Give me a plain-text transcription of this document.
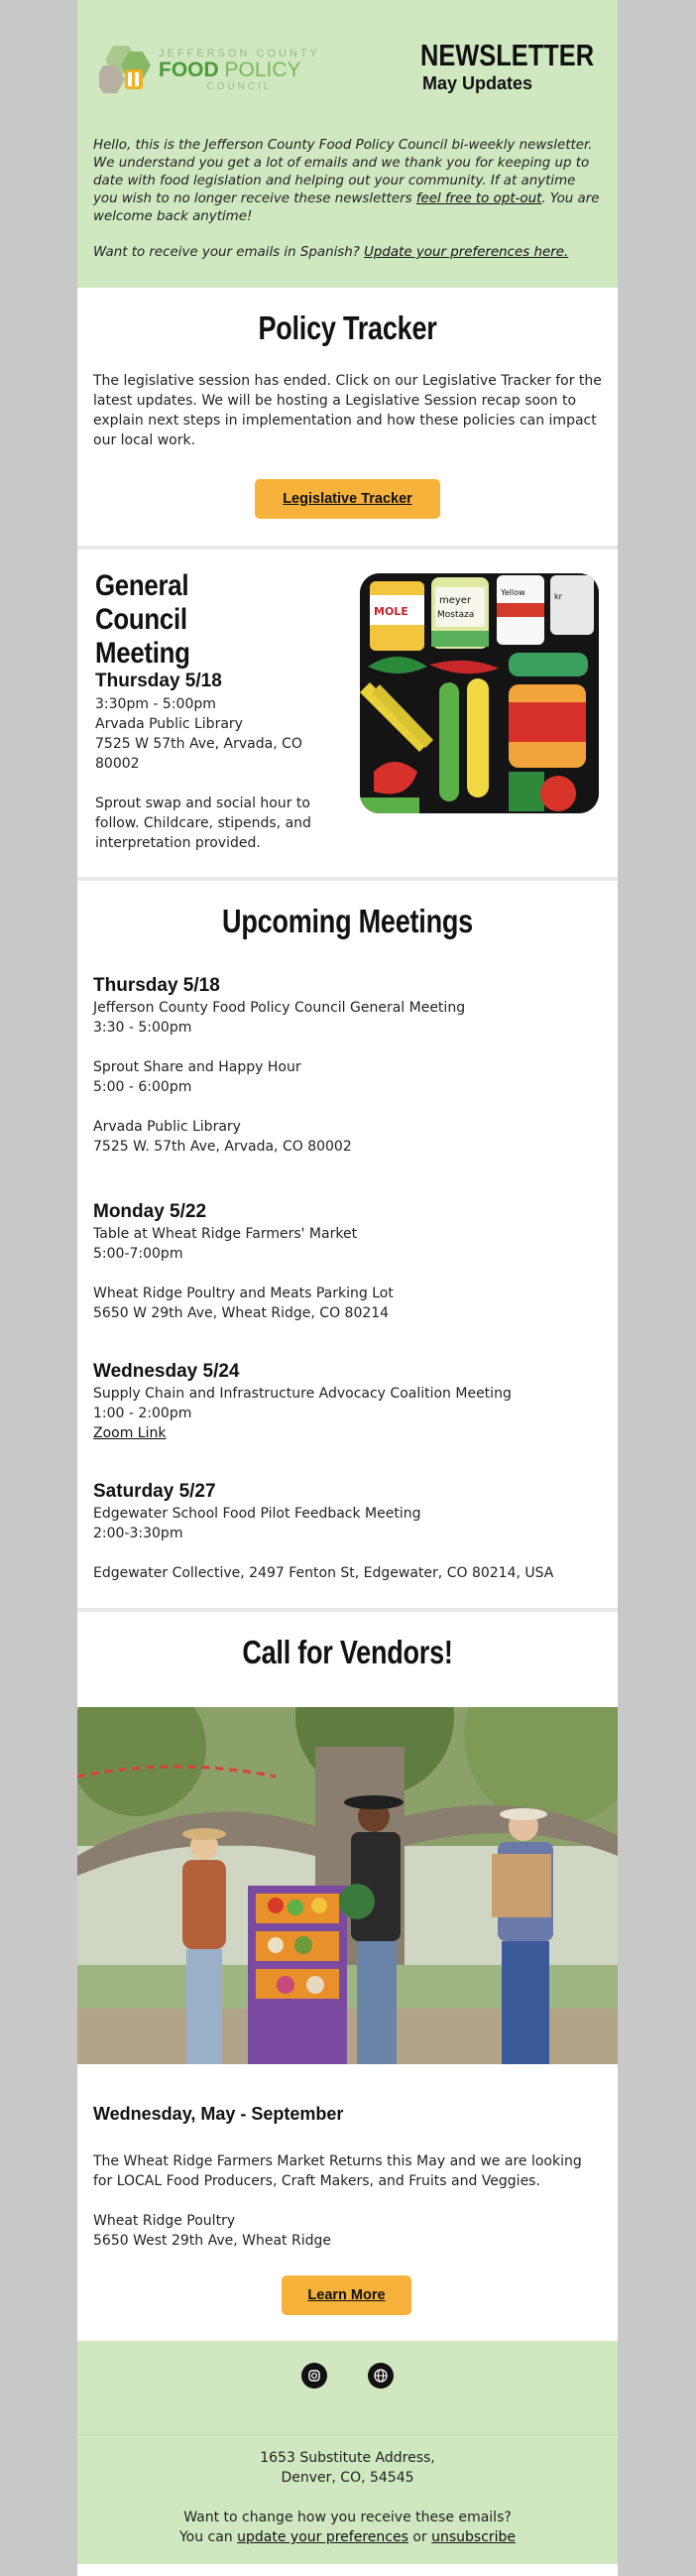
JEFFERSON COUNTY
FOOD POLICY
COUNCIL
NEWSLETTER
May Updates

Hello, this is the Jefferson County Food Policy Council bi-weekly newsletter. We understand you get a lot of emails and we thank you for keeping up to date with food legislation and helping out your community. If at anytime you wish to no longer receive these newsletters feel free to opt-out. You are welcome back anytime!

Want to receive your emails in Spanish? Update your preferences here.

Policy Tracker
The legislative session has ended. Click on our Legislative Tracker for the latest updates. We will be hosting a Legislative Session recap soon to explain next steps in implementation and how these policies can impact our local work.
Legislative Tracker
General Council Meeting
Thursday 5/18
3:30pm - 5:00pm
Arvada Public Library
7525 W 57th Ave, Arvada, CO 80002
Sprout swap and social hour to follow. Childcare, stipends, and interpretation provided.
MOLE
meyer
Mostaza
Yellow	kr
Upcoming Meetings
Thursday 5/18
Jefferson County Food Policy Council General Meeting
3:30 - 5:00pm
Sprout Share and Happy Hour
5:00 - 6:00pm
Arvada Public Library
7525 W. 57th Ave, Arvada, CO 80002
Monday 5/22
Table at Wheat Ridge Farmers' Market
5:00-7:00pm
Wheat Ridge Poultry and Meats Parking Lot
5650 W 29th Ave, Wheat Ridge, CO 80214
Wednesday 5/24
Supply Chain and Infrastructure Advocacy Coalition Meeting
1:00 - 2:00pm
Zoom Link
Saturday 5/27
Edgewater School Food Pilot Feedback Meeting
2:00-3:30pm
Edgewater Collective, 2497 Fenton St, Edgewater, CO 80214, USA
Call for Vendors!
Wednesday, May - September
The Wheat Ridge Farmers Market Returns this May and we are looking for LOCAL Food Producers, Craft Makers, and Fruits and Veggies.
Wheat Ridge Poultry
5650 West 29th Ave, Wheat Ridge
Learn More
1653 Substitute Address,
Denver, CO, 54545
Want to change how you receive these emails?
You can update your preferences or unsubscribe
